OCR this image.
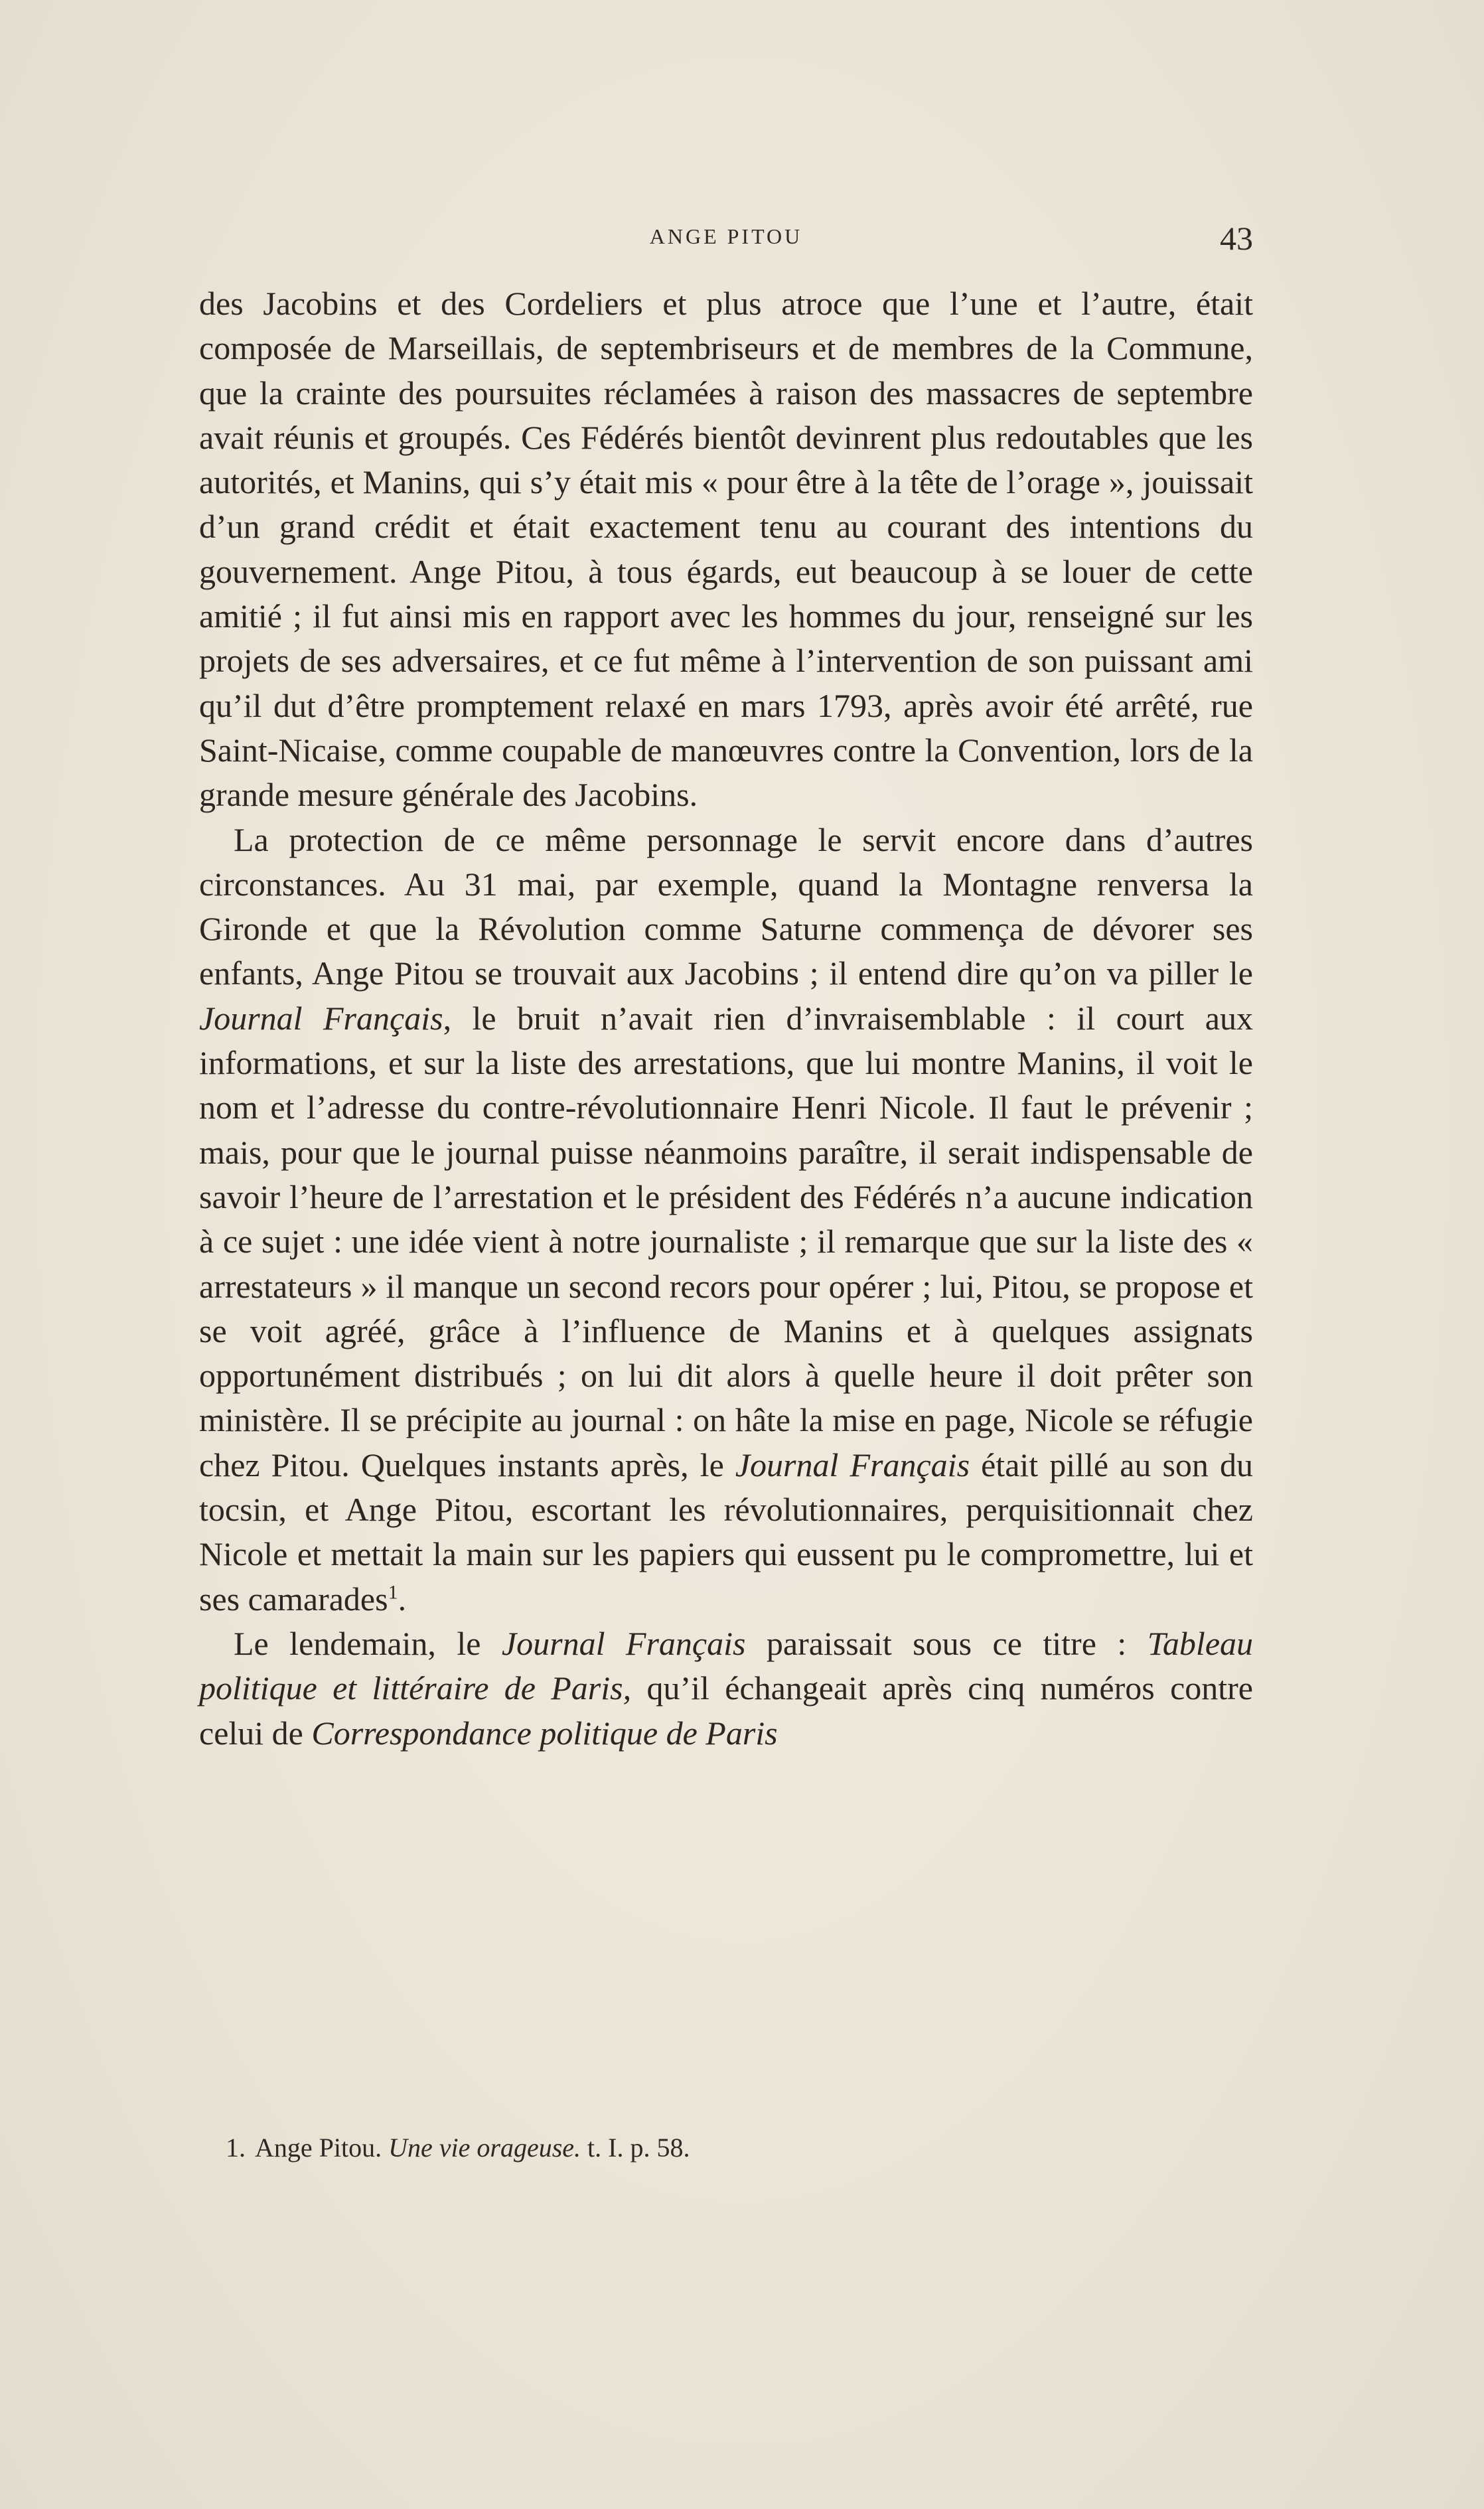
ANGE PITOU	43

des Jacobins et des Cordeliers et plus atroce que l’une et l’autre, était composée de Marseillais, de septembriseurs et de membres de la Commune, que la crainte des poursuites réclamées à raison des massacres de septembre avait réunis et groupés. Ces Fédérés bientôt devinrent plus redoutables que les autorités, et Manins, qui s’y était mis « pour être à la tête de l’orage », jouissait d’un grand crédit et était exactement tenu au courant des intentions du gouvernement. Ange Pitou, à tous égards, eut beaucoup à se louer de cette amitié ; il fut ainsi mis en rapport avec les hommes du jour, renseigné sur les projets de ses adversaires, et ce fut même à l’intervention de son puissant ami qu’il dut d’être promptement relaxé en mars 1793, après avoir été arrêté, rue Saint-Nicaise, comme coupable de manœuvres contre la Convention, lors de la grande mesure générale des Jacobins.

La protection de ce même personnage le servit encore dans d’autres circonstances. Au 31 mai, par exemple, quand la Montagne renversa la Gironde et que la Révolution comme Saturne commença de dévorer ses enfants, Ange Pitou se trouvait aux Jacobins ; il entend dire qu’on va piller le Journal Français, le bruit n’avait rien d’invraisemblable : il court aux informations, et sur la liste des arrestations, que lui montre Manins, il voit le nom et l’adresse du contre-révolutionnaire Henri Nicole. Il faut le prévenir ; mais, pour que le journal puisse néanmoins paraître, il serait indispensable de savoir l’heure de l’arrestation et le président des Fédérés n’a aucune indication à ce sujet : une idée vient à notre journaliste ; il remarque que sur la liste des « arrestateurs » il manque un second recors pour opérer ; lui, Pitou, se propose et se voit agréé, grâce à l’influence de Manins et à quelques assignats opportunément distribués ; on lui dit alors à quelle heure il doit prêter son ministère. Il se précipite au journal : on hâte la mise en page, Nicole se réfugie chez Pitou. Quelques instants après, le Journal Français était pillé au son du tocsin, et Ange Pitou, escortant les révolutionnaires, perquisitionnait chez Nicole et mettait la main sur les papiers qui eussent pu le compromettre, lui et ses camarades$^1$.

Le lendemain, le Journal Français paraissait sous ce titre : Tableau politique et littéraire de Paris, qu’il échangeait après cinq numéros contre celui de Correspondance politique de Paris

1. Ange Pitou. Une vie orageuse. t. I. p. 58.
